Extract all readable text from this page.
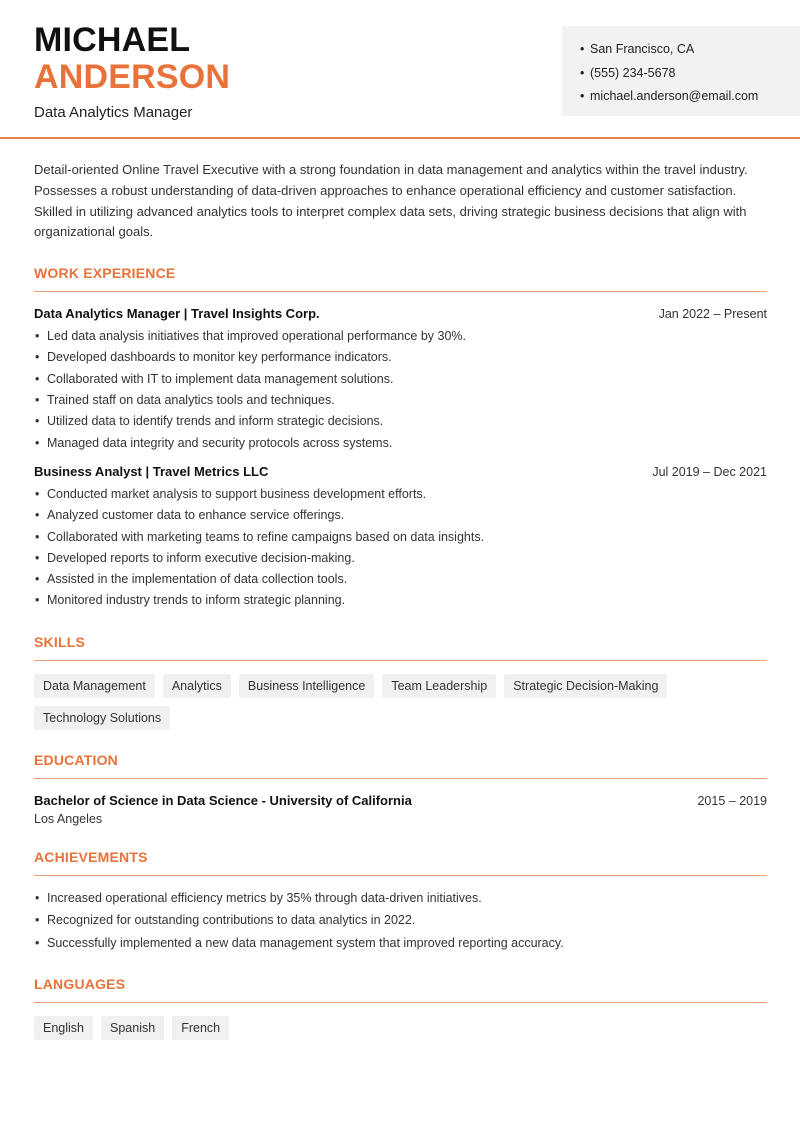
MICHAEL
ANDERSON
Data Analytics Manager
• San Francisco, CA
• (555) 234-5678
• michael.anderson@email.com

Detail-oriented Online Travel Executive with a strong foundation in data management and analytics within the travel industry. Possesses a robust understanding of data-driven approaches to enhance operational efficiency and customer satisfaction. Skilled in utilizing advanced analytics tools to interpret complex data sets, driving strategic business decisions that align with organizational goals.

WORK EXPERIENCE
Data Analytics Manager | Travel Insights Corp.	Jan 2022 – Present
• Led data analysis initiatives that improved operational performance by 30%.
• Developed dashboards to monitor key performance indicators.
• Collaborated with IT to implement data management solutions.
• Trained staff on data analytics tools and techniques.
• Utilized data to identify trends and inform strategic decisions.
• Managed data integrity and security protocols across systems.
Business Analyst | Travel Metrics LLC	Jul 2019 – Dec 2021
• Conducted market analysis to support business development efforts.
• Analyzed customer data to enhance service offerings.
• Collaborated with marketing teams to refine campaigns based on data insights.
• Developed reports to inform executive decision-making.
• Assisted in the implementation of data collection tools.
• Monitored industry trends to inform strategic planning.
SKILLS
Data Management	Analytics	Business Intelligence	Team Leadership	Strategic Decision-Making
Technology Solutions
EDUCATION
Bachelor of Science in Data Science - University of California	2015 – 2019
Los Angeles
ACHIEVEMENTS
• Increased operational efficiency metrics by 35% through data-driven initiatives.
• Recognized for outstanding contributions to data analytics in 2022.
• Successfully implemented a new data management system that improved reporting accuracy.
LANGUAGES
English	Spanish	French
